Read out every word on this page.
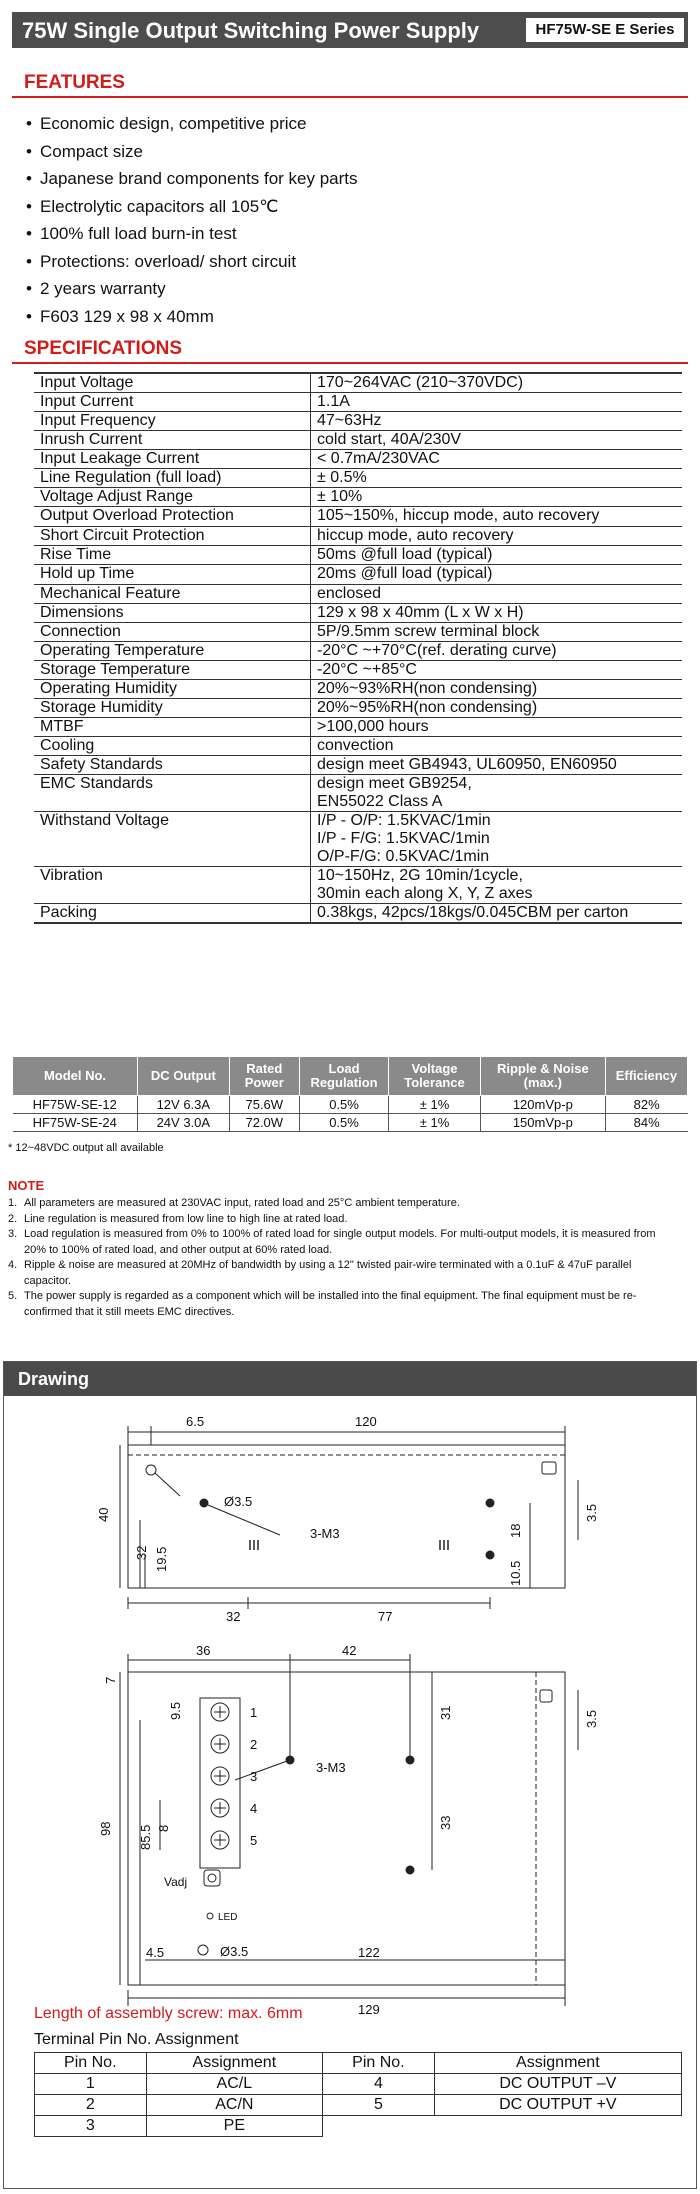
75W Single Output Switching Power Supply	HF75W-SE E Series
FEATURES
• Economic design, competitive price
• Compact size
• Japanese brand components for key parts
• Electrolytic capacitors all 105℃
• 100% full load burn-in test
• Protections: overload/ short circuit
• 2 years warranty
• F603 129 x 98 x 40mm
SPECIFICATIONS
Input Voltage	170~264VAC (210~370VDC)
Input Current	1.1A
Input Frequency	47~63Hz
Inrush Current	cold start, 40A/230V
Input Leakage Current	< 0.7mA/230VAC
Line Regulation (full load)	± 0.5%
Voltage Adjust Range	± 10%
Output Overload Protection	105~150%, hiccup mode, auto recovery
Short Circuit Protection	hiccup mode, auto recovery
Rise Time	50ms @full load (typical)
Hold up Time	20ms @full load (typical)
Mechanical Feature	enclosed
Dimensions	129 x 98 x 40mm (L x W x H)
Connection	5P/9.5mm screw terminal block
Operating Temperature	-20°C ~+70°C(ref. derating curve)
Storage Temperature	-20°C ~+85°C
Operating Humidity	20%~93%RH(non condensing)
Storage Humidity	20%~95%RH(non condensing)
MTBF	>100,000 hours
Cooling	convection
Safety Standards	design meet GB4943, UL60950, EN60950
EMC Standards	design meet GB9254,
EN55022 Class A
Withstand Voltage	I/P - O/P: 1.5KVAC/1min
I/P - F/G: 1.5KVAC/1min
O/P-F/G: 0.5KVAC/1min
Vibration	10~150Hz, 2G 10min/1cycle,
30min each along X, Y, Z axes
Packing	0.38kgs, 42pcs/18kgs/0.045CBM per carton
Model No.	DC Output	Rated Power	Load Regulation	Voltage Tolerance	Ripple & Noise (max.)	Efficiency
HF75W-SE-12	12V 6.3A	75.6W	0.5%	± 1%	120mVp-p	82%
HF75W-SE-24	24V 3.0A	72.0W	0.5%	± 1%	150mVp-p	84%
* 12~48VDC output all available
NOTE
1. All parameters are measured at 230VAC input, rated load and 25°C ambient temperature.
2. Line regulation is measured from low line to high line at rated load.
3. Load regulation is measured from 0% to 100% of rated load for single output models. For multi-output models, it is measured from 20% to 100% of rated load, and other output at 60% rated load.
4. Ripple & noise are measured at 20MHz of bandwidth by using a 12" twisted pair-wire terminated with a 0.1uF & 47uF parallel capacitor.
5. The power supply is regarded as a component which will be installed into the final equipment. The final equipment must be re-confirmed that it still meets EMC directives.
Drawing
6.5	120
Ø3.5
3-M3
40
32 19.5
18
3.5
10.5
32	77
36	42
7
31	3.5
9.5
3-M3
98 85.5 8	33
Vadj
LED
Ø3.5
4.5	122
129
1
2
3
4
5
Length of assembly screw: max. 6mm
Terminal Pin No. Assignment
Pin No.	Assignment	Pin No.	Assignment
1	AC/L	4	DC OUTPUT –V
2	AC/N	5	DC OUTPUT +V
3	PE		
